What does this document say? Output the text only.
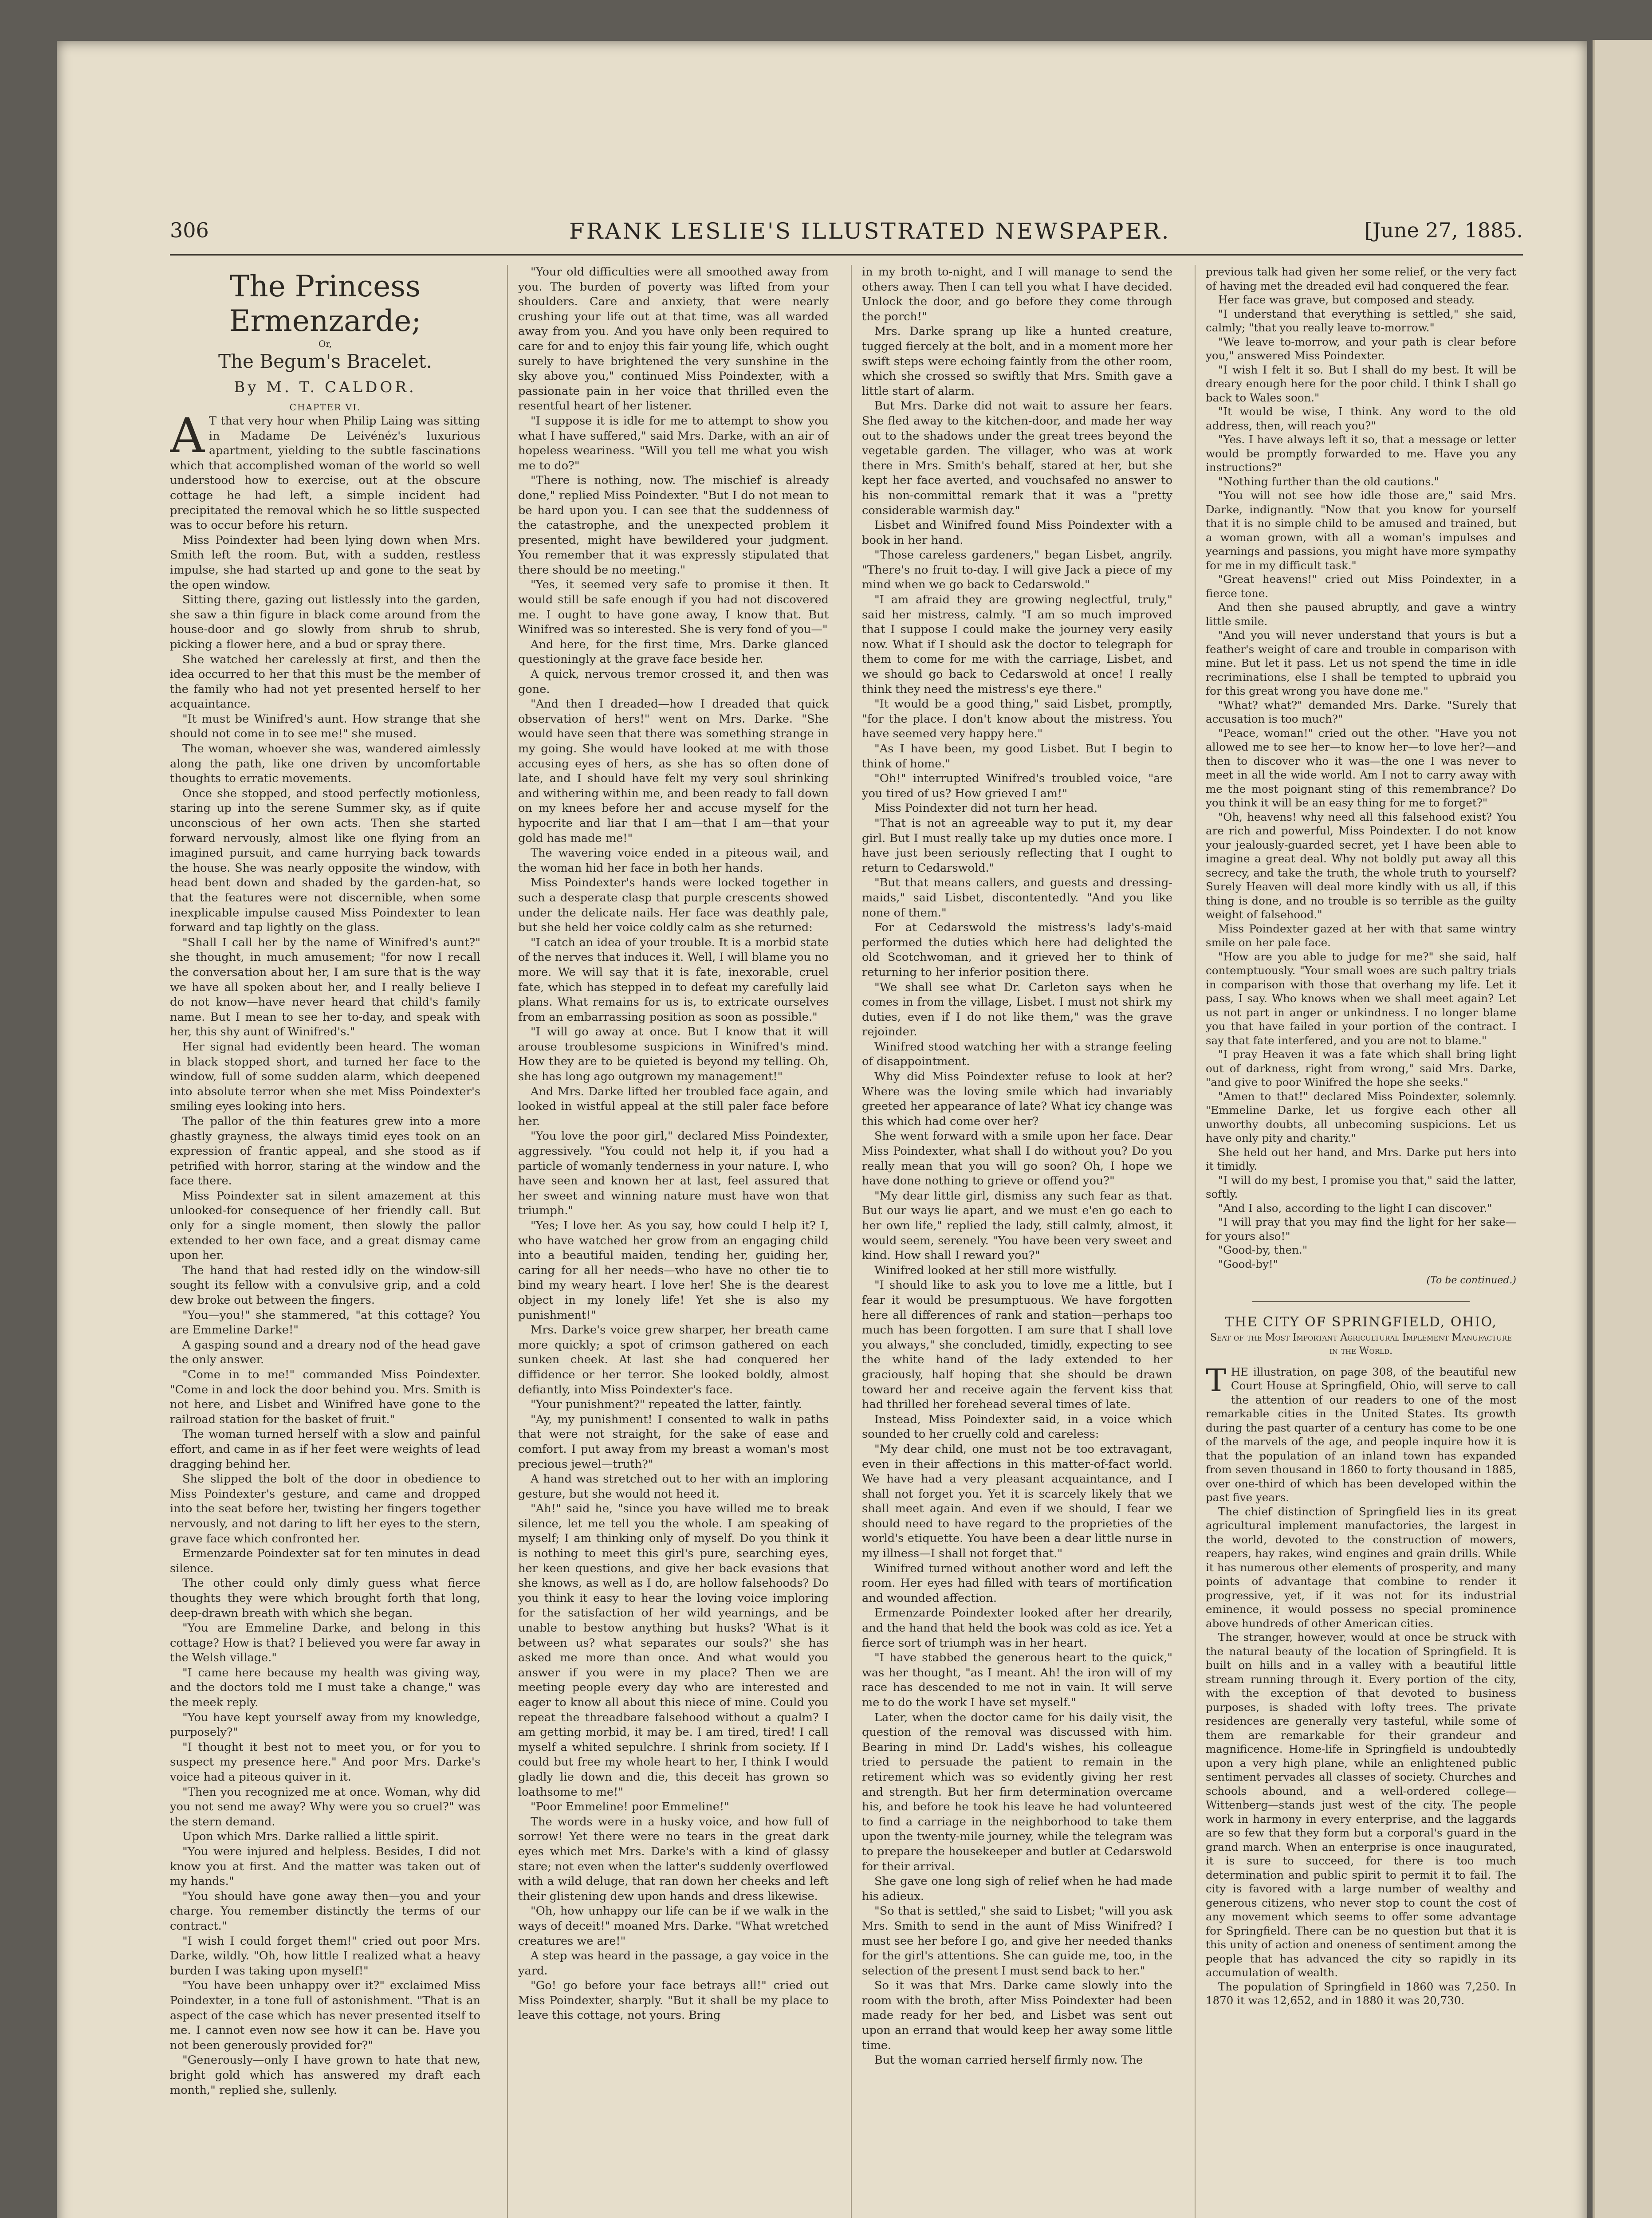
306	FRANK LESLIE'S ILLUSTRATED NEWSPAPER.	[June 27, 1885.
The Princess Ermenzarde;
Or,
The Begum's Bracelet.
By M. T. CALDOR.
CHAPTER VI.
A T that very hour when Philip Laing was sitting in Madame De Leivénéz's luxurious apartment, yielding to the subtle fascinations which that accomplished woman of the world so well understood how to exercise, out at the obscure cottage he had left, a simple incident had precipitated the removal which he so little suspected was to occur before his return.

Miss Poindexter had been lying down when Mrs. Smith left the room. But, with a sudden, restless impulse, she had started up and gone to the seat by the open window.

Sitting there, gazing out listlessly into the garden, she saw a thin figure in black come around from the house-door and go slowly from shrub to shrub, picking a flower here, and a bud or spray there.

She watched her carelessly at first, and then the idea occurred to her that this must be the member of the family who had not yet presented herself to her acquaintance.

"It must be Winifred's aunt. How strange that she should not come in to see me!" she mused.

The woman, whoever she was, wandered aimlessly along the path, like one driven by uncomfortable thoughts to erratic movements.

Once she stopped, and stood perfectly motionless, staring up into the serene Summer sky, as if quite unconscious of her own acts. Then she started forward nervously, almost like one flying from an imagined pursuit, and came hurrying back towards the house. She was nearly opposite the window, with head bent down and shaded by the garden-hat, so that the features were not discernible, when some inexplicable impulse caused Miss Poindexter to lean forward and tap lightly on the glass.

"Shall I call her by the name of Winifred's aunt?" she thought, in much amusement; "for now I recall the conversation about her, I am sure that is the way we have all spoken about her, and I really believe I do not know—have never heard that child's family name. But I mean to see her to-day, and speak with her, this shy aunt of Winifred's."

Her signal had evidently been heard. The woman in black stopped short, and turned her face to the window, full of some sudden alarm, which deepened into absolute terror when she met Miss Poindexter's smiling eyes looking into hers.

The pallor of the thin features grew into a more ghastly grayness, the always timid eyes took on an expression of frantic appeal, and she stood as if petrified with horror, staring at the window and the face there.

Miss Poindexter sat in silent amazement at this unlooked-for consequence of her friendly call. But only for a single moment, then slowly the pallor extended to her own face, and a great dismay came upon her.

The hand that had rested idly on the window-sill sought its fellow with a convulsive grip, and a cold dew broke out between the fingers.

"You—you!" she stammered, "at this cottage? You are Emmeline Darke!"

A gasping sound and a dreary nod of the head gave the only answer.

"Come in to me!" commanded Miss Poindexter. "Come in and lock the door behind you. Mrs. Smith is not here, and Lisbet and Winifred have gone to the railroad station for the basket of fruit."

The woman turned herself with a slow and painful effort, and came in as if her feet were weights of lead dragging behind her.

She slipped the bolt of the door in obedience to Miss Poindexter's gesture, and came and dropped into the seat before her, twisting her fingers together nervously, and not daring to lift her eyes to the stern, grave face which confronted her.

Ermenzarde Poindexter sat for ten minutes in dead silence.

The other could only dimly guess what fierce thoughts they were which brought forth that long, deep-drawn breath with which she began.

"You are Emmeline Darke, and belong in this cottage? How is that? I believed you were far away in the Welsh village."

"I came here because my health was giving way, and the doctors told me I must take a change," was the meek reply.

"You have kept yourself away from my knowledge, purposely?"

"I thought it best not to meet you, or for you to suspect my presence here." And poor Mrs. Darke's voice had a piteous quiver in it.

"Then you recognized me at once. Woman, why did you not send me away? Why were you so cruel?" was the stern demand.

Upon which Mrs. Darke rallied a little spirit.

"You were injured and helpless. Besides, I did not know you at first. And the matter was taken out of my hands."

"You should have gone away then—you and your charge. You remember distinctly the terms of our contract."

"I wish I could forget them!" cried out poor Mrs. Darke, wildly. "Oh, how little I realized what a heavy burden I was taking upon myself!"

"You have been unhappy over it?" exclaimed Miss Poindexter, in a tone full of astonishment. "That is an aspect of the case which has never presented itself to me. I cannot even now see how it can be. Have you not been generously provided for?"

"Generously—only I have grown to hate that new, bright gold which has answered my draft each month," replied she, sullenly.

"Your old difficulties were all smoothed away from you. The burden of poverty was lifted from your shoulders. Care and anxiety, that were nearly crushing your life out at that time, was all warded away from you. And you have only been required to care for and to enjoy this fair young life, which ought surely to have brightened the very sunshine in the sky above you," continued Miss Poindexter, with a passionate pain in her voice that thrilled even the resentful heart of her listener.

"I suppose it is idle for me to attempt to show you what I have suffered," said Mrs. Darke, with an air of hopeless weariness. "Will you tell me what you wish me to do?"

"There is nothing, now. The mischief is already done," replied Miss Poindexter. "But I do not mean to be hard upon you. I can see that the suddenness of the catastrophe, and the unexpected problem it presented, might have bewildered your judgment. You remember that it was expressly stipulated that there should be no meeting."

"Yes, it seemed very safe to promise it then. It would still be safe enough if you had not discovered me. I ought to have gone away, I know that. But Winifred was so interested. She is very fond of you—"

And here, for the first time, Mrs. Darke glanced questioningly at the grave face beside her.

A quick, nervous tremor crossed it, and then was gone.

"And then I dreaded—how I dreaded that quick observation of hers!" went on Mrs. Darke. "She would have seen that there was something strange in my going. She would have looked at me with those accusing eyes of hers, as she has so often done of late, and I should have felt my very soul shrinking and withering within me, and been ready to fall down on my knees before her and accuse myself for the hypocrite and liar that I am—that I am—that your gold has made me!"

The wavering voice ended in a piteous wail, and the woman hid her face in both her hands.

Miss Poindexter's hands were locked together in such a desperate clasp that purple crescents showed under the delicate nails. Her face was deathly pale, but she held her voice coldly calm as she returned:

"I catch an idea of your trouble. It is a morbid state of the nerves that induces it. Well, I will blame you no more. We will say that it is fate, inexorable, cruel fate, which has stepped in to defeat my carefully laid plans. What remains for us is, to extricate ourselves from an embarrassing position as soon as possible."

"I will go away at once. But I know that it will arouse troublesome suspicions in Winifred's mind. How they are to be quieted is beyond my telling. Oh, she has long ago outgrown my management!"

And Mrs. Darke lifted her troubled face again, and looked in wistful appeal at the still paler face before her.

"You love the poor girl," declared Miss Poindexter, aggressively. "You could not help it, if you had a particle of womanly tenderness in your nature. I, who have seen and known her at last, feel assured that her sweet and winning nature must have won that triumph."

"Yes; I love her. As you say, how could I help it? I, who have watched her grow from an engaging child into a beautiful maiden, tending her, guiding her, caring for all her needs—who have no other tie to bind my weary heart. I love her! She is the dearest object in my lonely life! Yet she is also my punishment!"

Mrs. Darke's voice grew sharper, her breath came more quickly; a spot of crimson gathered on each sunken cheek. At last she had conquered her diffidence or her terror. She looked boldly, almost defiantly, into Miss Poindexter's face.

"Your punishment?" repeated the latter, faintly.

"Ay, my punishment! I consented to walk in paths that were not straight, for the sake of ease and comfort. I put away from my breast a woman's most precious jewel—truth?"

A hand was stretched out to her with an imploring gesture, but she would not heed it.

"Ah!" said he, "since you have willed me to break silence, let me tell you the whole. I am speaking of myself; I am thinking only of myself. Do you think it is nothing to meet this girl's pure, searching eyes, her keen questions, and give her back evasions that she knows, as well as I do, are hollow falsehoods? Do you think it easy to hear the loving voice imploring for the satisfaction of her wild yearnings, and be unable to bestow anything but husks? 'What is it between us? what separates our souls?' she has asked me more than once. And what would you answer if you were in my place? Then we are meeting people every day who are interested and eager to know all about this niece of mine. Could you repeat the threadbare falsehood without a qualm? I am getting morbid, it may be. I am tired, tired! I call myself a whited sepulchre. I shrink from society. If I could but free my whole heart to her, I think I would gladly lie down and die, this deceit has grown so loathsome to me!"

"Poor Emmeline! poor Emmeline!"

The words were in a husky voice, and how full of sorrow! Yet there were no tears in the great dark eyes which met Mrs. Darke's with a kind of glassy stare; not even when the latter's suddenly overflowed with a wild deluge, that ran down her cheeks and left their glistening dew upon hands and dress likewise.

"Oh, how unhappy our life can be if we walk in the ways of deceit!" moaned Mrs. Darke. "What wretched creatures we are!"

A step was heard in the passage, a gay voice in the yard.

"Go! go before your face betrays all!" cried out Miss Poindexter, sharply. "But it shall be my place to leave this cottage, not yours. Bring

in my broth to-night, and I will manage to send the others away. Then I can tell you what I have decided. Unlock the door, and go before they come through the porch!"

Mrs. Darke sprang up like a hunted creature, tugged fiercely at the bolt, and in a moment more her swift steps were echoing faintly from the other room, which she crossed so swiftly that Mrs. Smith gave a little start of alarm.

But Mrs. Darke did not wait to assure her fears. She fled away to the kitchen-door, and made her way out to the shadows under the great trees beyond the vegetable garden. The villager, who was at work there in Mrs. Smith's behalf, stared at her, but she kept her face averted, and vouchsafed no answer to his non-committal remark that it was a "pretty considerable warmish day."

Lisbet and Winifred found Miss Poindexter with a book in her hand.

"Those careless gardeners," began Lisbet, angrily. "There's no fruit to-day. I will give Jack a piece of my mind when we go back to Cedarswold."

"I am afraid they are growing neglectful, truly," said her mistress, calmly. "I am so much improved that I suppose I could make the journey very easily now. What if I should ask the doctor to telegraph for them to come for me with the carriage, Lisbet, and we should go back to Cedarswold at once! I really think they need the mistress's eye there."

"It would be a good thing," said Lisbet, promptly, "for the place. I don't know about the mistress. You have seemed very happy here."

"As I have been, my good Lisbet. But I begin to think of home."

"Oh!" interrupted Winifred's troubled voice, "are you tired of us? How grieved I am!"

Miss Poindexter did not turn her head.

"That is not an agreeable way to put it, my dear girl. But I must really take up my duties once more. I have just been seriously reflecting that I ought to return to Cedarswold."

"But that means callers, and guests and dressing-maids," said Lisbet, discontentedly. "And you like none of them."

For at Cedarswold the mistress's lady's-maid performed the duties which here had delighted the old Scotchwoman, and it grieved her to think of returning to her inferior position there.

"We shall see what Dr. Carleton says when he comes in from the village, Lisbet. I must not shirk my duties, even if I do not like them," was the grave rejoinder.

Winifred stood watching her with a strange feeling of disappointment.

Why did Miss Poindexter refuse to look at her? Where was the loving smile which had invariably greeted her appearance of late? What icy change was this which had come over her?

She went forward with a smile upon her face. Dear Miss Poindexter, what shall I do without you? Do you really mean that you will go soon? Oh, I hope we have done nothing to grieve or offend you?"

"My dear little girl, dismiss any such fear as that. But our ways lie apart, and we must e'en go each to her own life," replied the lady, still calmly, almost, it would seem, serenely. "You have been very sweet and kind. How shall I reward you?"

Winifred looked at her still more wistfully.

"I should like to ask you to love me a little, but I fear it would be presumptuous. We have forgotten here all differences of rank and station—perhaps too much has been forgotten. I am sure that I shall love you always," she concluded, timidly, expecting to see the white hand of the lady extended to her graciously, half hoping that she should be drawn toward her and receive again the fervent kiss that had thrilled her forehead several times of late.

Instead, Miss Poindexter said, in a voice which sounded to her cruelly cold and careless:

"My dear child, one must not be too extravagant, even in their affections in this matter-of-fact world. We have had a very pleasant acquaintance, and I shall not forget you. Yet it is scarcely likely that we shall meet again. And even if we should, I fear we should need to have regard to the proprieties of the world's etiquette. You have been a dear little nurse in my illness—I shall not forget that."

Winifred turned without another word and left the room. Her eyes had filled with tears of mortification and wounded affection.

Ermenzarde Poindexter looked after her drearily, and the hand that held the book was cold as ice. Yet a fierce sort of triumph was in her heart.

"I have stabbed the generous heart to the quick," was her thought, "as I meant. Ah! the iron will of my race has descended to me not in vain. It will serve me to do the work I have set myself."

Later, when the doctor came for his daily visit, the question of the removal was discussed with him. Bearing in mind Dr. Ladd's wishes, his colleague tried to persuade the patient to remain in the retirement which was so evidently giving her rest and strength. But her firm determination overcame his, and before he took his leave he had volunteered to find a carriage in the neighborhood to take them upon the twenty-mile journey, while the telegram was to prepare the housekeeper and butler at Cedarswold for their arrival.

She gave one long sigh of relief when he had made his adieux.

"So that is settled," she said to Lisbet; "will you ask Mrs. Smith to send in the aunt of Miss Winifred? I must see her before I go, and give her needed thanks for the girl's attentions. She can guide me, too, in the selection of the present I must send back to her."

So it was that Mrs. Darke came slowly into the room with the broth, after Miss Poindexter had been made ready for her bed, and Lisbet was sent out upon an errand that would keep her away some little time.

But the woman carried herself firmly now. The

previous talk had given her some relief, or the very fact of having met the dreaded evil had conquered the fear.

Her face was grave, but composed and steady.

"I understand that everything is settled," she said, calmly; "that you really leave to-morrow."

"We leave to-morrow, and your path is clear before you," answered Miss Poindexter.

"I wish I felt it so. But I shall do my best. It will be dreary enough here for the poor child. I think I shall go back to Wales soon."

"It would be wise, I think. Any word to the old address, then, will reach you?"

"Yes. I have always left it so, that a message or letter would be promptly forwarded to me. Have you any instructions?"

"Nothing further than the old cautions."

"You will not see how idle those are," said Mrs. Darke, indignantly. "Now that you know for yourself that it is no simple child to be amused and trained, but a woman grown, with all a woman's impulses and yearnings and passions, you might have more sympathy for me in my difficult task."

"Great heavens!" cried out Miss Poindexter, in a fierce tone.

And then she paused abruptly, and gave a wintry little smile.

"And you will never understand that yours is but a feather's weight of care and trouble in comparison with mine. But let it pass. Let us not spend the time in idle recriminations, else I shall be tempted to upbraid you for this great wrong you have done me."

"What? what?" demanded Mrs. Darke. "Surely that accusation is too much?"

"Peace, woman!" cried out the other. "Have you not allowed me to see her—to know her—to love her?—and then to discover who it was—the one I was never to meet in all the wide world. Am I not to carry away with me the most poignant sting of this remembrance? Do you think it will be an easy thing for me to forget?"

"Oh, heavens! why need all this falsehood exist? You are rich and powerful, Miss Poindexter. I do not know your jealously-guarded secret, yet I have been able to imagine a great deal. Why not boldly put away all this secrecy, and take the truth, the whole truth to yourself? Surely Heaven will deal more kindly with us all, if this thing is done, and no trouble is so terrible as the guilty weight of falsehood."

Miss Poindexter gazed at her with that same wintry smile on her pale face.

"How are you able to judge for me?" she said, half contemptuously. "Your small woes are such paltry trials in comparison with those that overhang my life. Let it pass, I say. Who knows when we shall meet again? Let us not part in anger or unkindness. I no longer blame you that have failed in your portion of the contract. I say that fate interfered, and you are not to blame."

"I pray Heaven it was a fate which shall bring light out of darkness, right from wrong," said Mrs. Darke, "and give to poor Winifred the hope she seeks."

"Amen to that!" declared Miss Poindexter, solemnly. "Emmeline Darke, let us forgive each other all unworthy doubts, all unbecoming suspicions. Let us have only pity and charity."

She held out her hand, and Mrs. Darke put hers into it timidly.

"I will do my best, I promise you that," said the latter, softly.

"And I also, according to the light I can discover."

"I will pray that you may find the light for her sake—for yours also!"

"Good-by, then."

"Good-by!"

(To be continued.)
THE CITY OF SPRINGFIELD, OHIO,
Seat of the Most Important Agricultural Implement Manufacture in the World.
T HE illustration, on page 308, of the beautiful new Court House at Springfield, Ohio, will serve to call the attention of our readers to one of the most remarkable cities in the United States. Its growth during the past quarter of a century has come to be one of the marvels of the age, and people inquire how it is that the population of an inland town has expanded from seven thousand in 1860 to forty thousand in 1885, over one-third of which has been developed within the past five years.

The chief distinction of Springfield lies in its great agricultural implement manufactories, the largest in the world, devoted to the construction of mowers, reapers, hay rakes, wind engines and grain drills. While it has numerous other elements of prosperity, and many points of advantage that combine to render it progressive, yet, if it was not for its industrial eminence, it would possess no special prominence above hundreds of other American cities.

The stranger, however, would at once be struck with the natural beauty of the location of Springfield. It is built on hills and in a valley with a beautiful little stream running through it. Every portion of the city, with the exception of that devoted to business purposes, is shaded with lofty trees. The private residences are generally very tasteful, while some of them are remarkable for their grandeur and magnificence. Home-life in Springfield is undoubtedly upon a very high plane, while an enlightened public sentiment pervades all classes of society. Churches and schools abound, and a well-ordered college—Wittenberg—stands just west of the city. The people work in harmony in every enterprise, and the laggards are so few that they form but a corporal's guard in the grand march. When an enterprise is once inaugurated, it is sure to succeed, for there is too much determination and public spirit to permit it to fail. The city is favored with a large number of wealthy and generous citizens, who never stop to count the cost of any movement which seems to offer some advantage for Springfield. There can be no question but that it is this unity of action and oneness of sentiment among the people that has advanced the city so rapidly in its accumulation of wealth.

The population of Springfield in 1860 was 7,250. In 1870 it was 12,652, and in 1880 it was 20,730.
